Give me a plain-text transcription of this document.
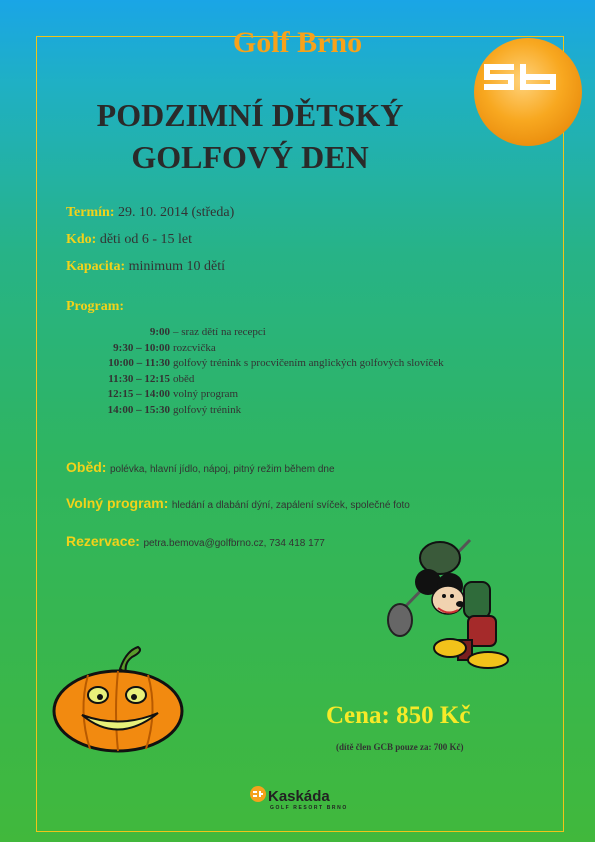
Golf Brno
PODZIMNÍ DĚTSKÝ
GOLFOVÝ DEN
Termín: 29. 10. 2014 (středa)
Kdo: děti od 6 - 15 let
Kapacita: minimum 10 dětí
Program:
9:00 – sraz dětí na recepci
9:30 – 10:00 rozcvička
10:00 – 11:30 golfový trénink s procvičením anglických golfových slovíček
11:30 – 12:15 oběd
12:15 – 14:00 volný program
14:00 – 15:30 golfový trénink
Oběd: polévka, hlavní jídlo, nápoj, pitný režim během dne
Volný program: hledání a dlabání dýní, zapálení svíček, společné foto
Rezervace: petra.bemova@golfbrno.cz, 734 418 177
Cena: 850 Kč
(dítě člen GCB pouze za: 700 Kč)
Kaskáda
GOLF RESORT BRNO
